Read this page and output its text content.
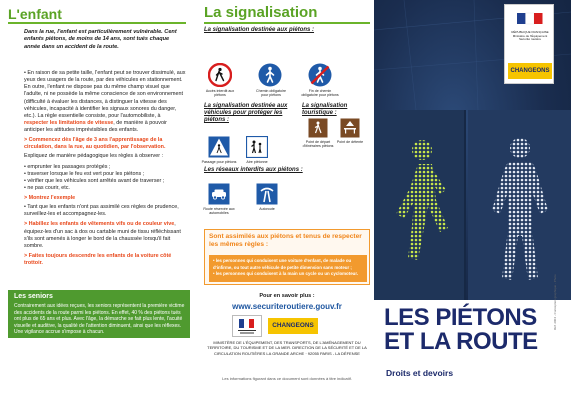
L'enfant
Dans la rue, l'enfant est particulièrement vulnérable. Cent enfants piétons, de moins de 14 ans, sont tués chaque année dans un accident de la route.

• En raison de sa petite taille, l'enfant peut se trouver dissimulé, aux yeux des usagers de la route, par des véhicules en stationnement. En outre, l'enfant ne dispose pas du même champ visuel que l'adulte, ni ne possède la même conscience de son environnement (difficulté à évaluer les distances, à distinguer la vitesse des véhicules, incapacité à identifier les signaux sonores du danger, etc.). La règle essentielle consiste, pour l'automobiliste, à respecter les limitations de vitesse, de manière à pouvoir anticiper les attitudes imprévisibles des enfants.

> Commencez dès l'âge de 3 ans l'apprentissage de la circulation, dans la rue, au quotidien, par l'observation.

Expliquez de manière pédagogique les règles à observer :

• emprunter les passages protégés ;
• traverser lorsque le feu est vert pour les piétons ;
• vérifier que les véhicules sont arrêtés avant de traverser ;
• ne pas courir, etc.

> Montrez l'exemple

• Tant que les enfants n'ont pas assimilé ces règles de prudence, surveillez-les et accompagnez-les.

> Habillez les enfants de vêtements vifs ou de couleur vive, équipez-les d'un sac à dos ou cartable muni de tissu réfléchissant s'ils sont amenés à longer le bord de la chaussée lorsqu'il fait sombre.

> Faites toujours descendre les enfants de la voiture côté trottoir.

Les seniors
Contrairement aux idées reçues, les seniors représentent la première victime des accidents de la route parmi les piétons. En effet, 40 % des piétons tués ont plus de 65 ans et plus. Avec l'âge, la démarche se fait plus lente, l'acuité visuelle et auditive, la qualité de l'attention diminuent, ainsi que les réflexes. Une vigilance accrue s'impose à chacun.
La signalisation
La signalisation destinée aux piétons :
Accès interdit aux piétons
Chemin obligatoire pour piétons
Fin de chemin obligatoire pour piétons
La signalisation destinée aux véhicules pour protéger les piétons :
La signalisation touristique :
Passage pour piétons	Aire piétonne
Point de départ d'itinéraires piétons
Point de détente
Les réseaux interdits aux piétons :
Route réservée aux automobiles
Autoroute
Sont assimilés aux piétons et tenus de respecter les mêmes règles :
• les personnes qui conduisent une voiture d'enfant, de malade ou d'infirme, ou tout autre véhicule de petite dimension sans moteur ;
• les personnes qui conduisent à la main un cycle ou un cyclomoteur.
Pour en savoir plus :
www.securiteroutiere.gouv.fr
CHANGEONS
MINISTÈRE DE L'ÉQUIPEMENT, DES TRANSPORTS, DE L'AMÉNAGEMENT DU TERRITOIRE, DU TOURISME ET DE LA MER. DIRECTION DE LA SÉCURITÉ ET DE LA CIRCULATION ROUTIÈRES LA GRANDE ARCHE · 92055 PARIS - LA DÉFENSE
Les informations figurant dans ce document sont données à titre indicatif.
RÉPUBLIQUE FRANÇAISE Ministère de l'Équipement Sécurité routière
CHANGEONS
LES PIÉTONS
ET LA ROUTE
Droits et devoirs
Réf. 2004 - Conception graphique - Photo
